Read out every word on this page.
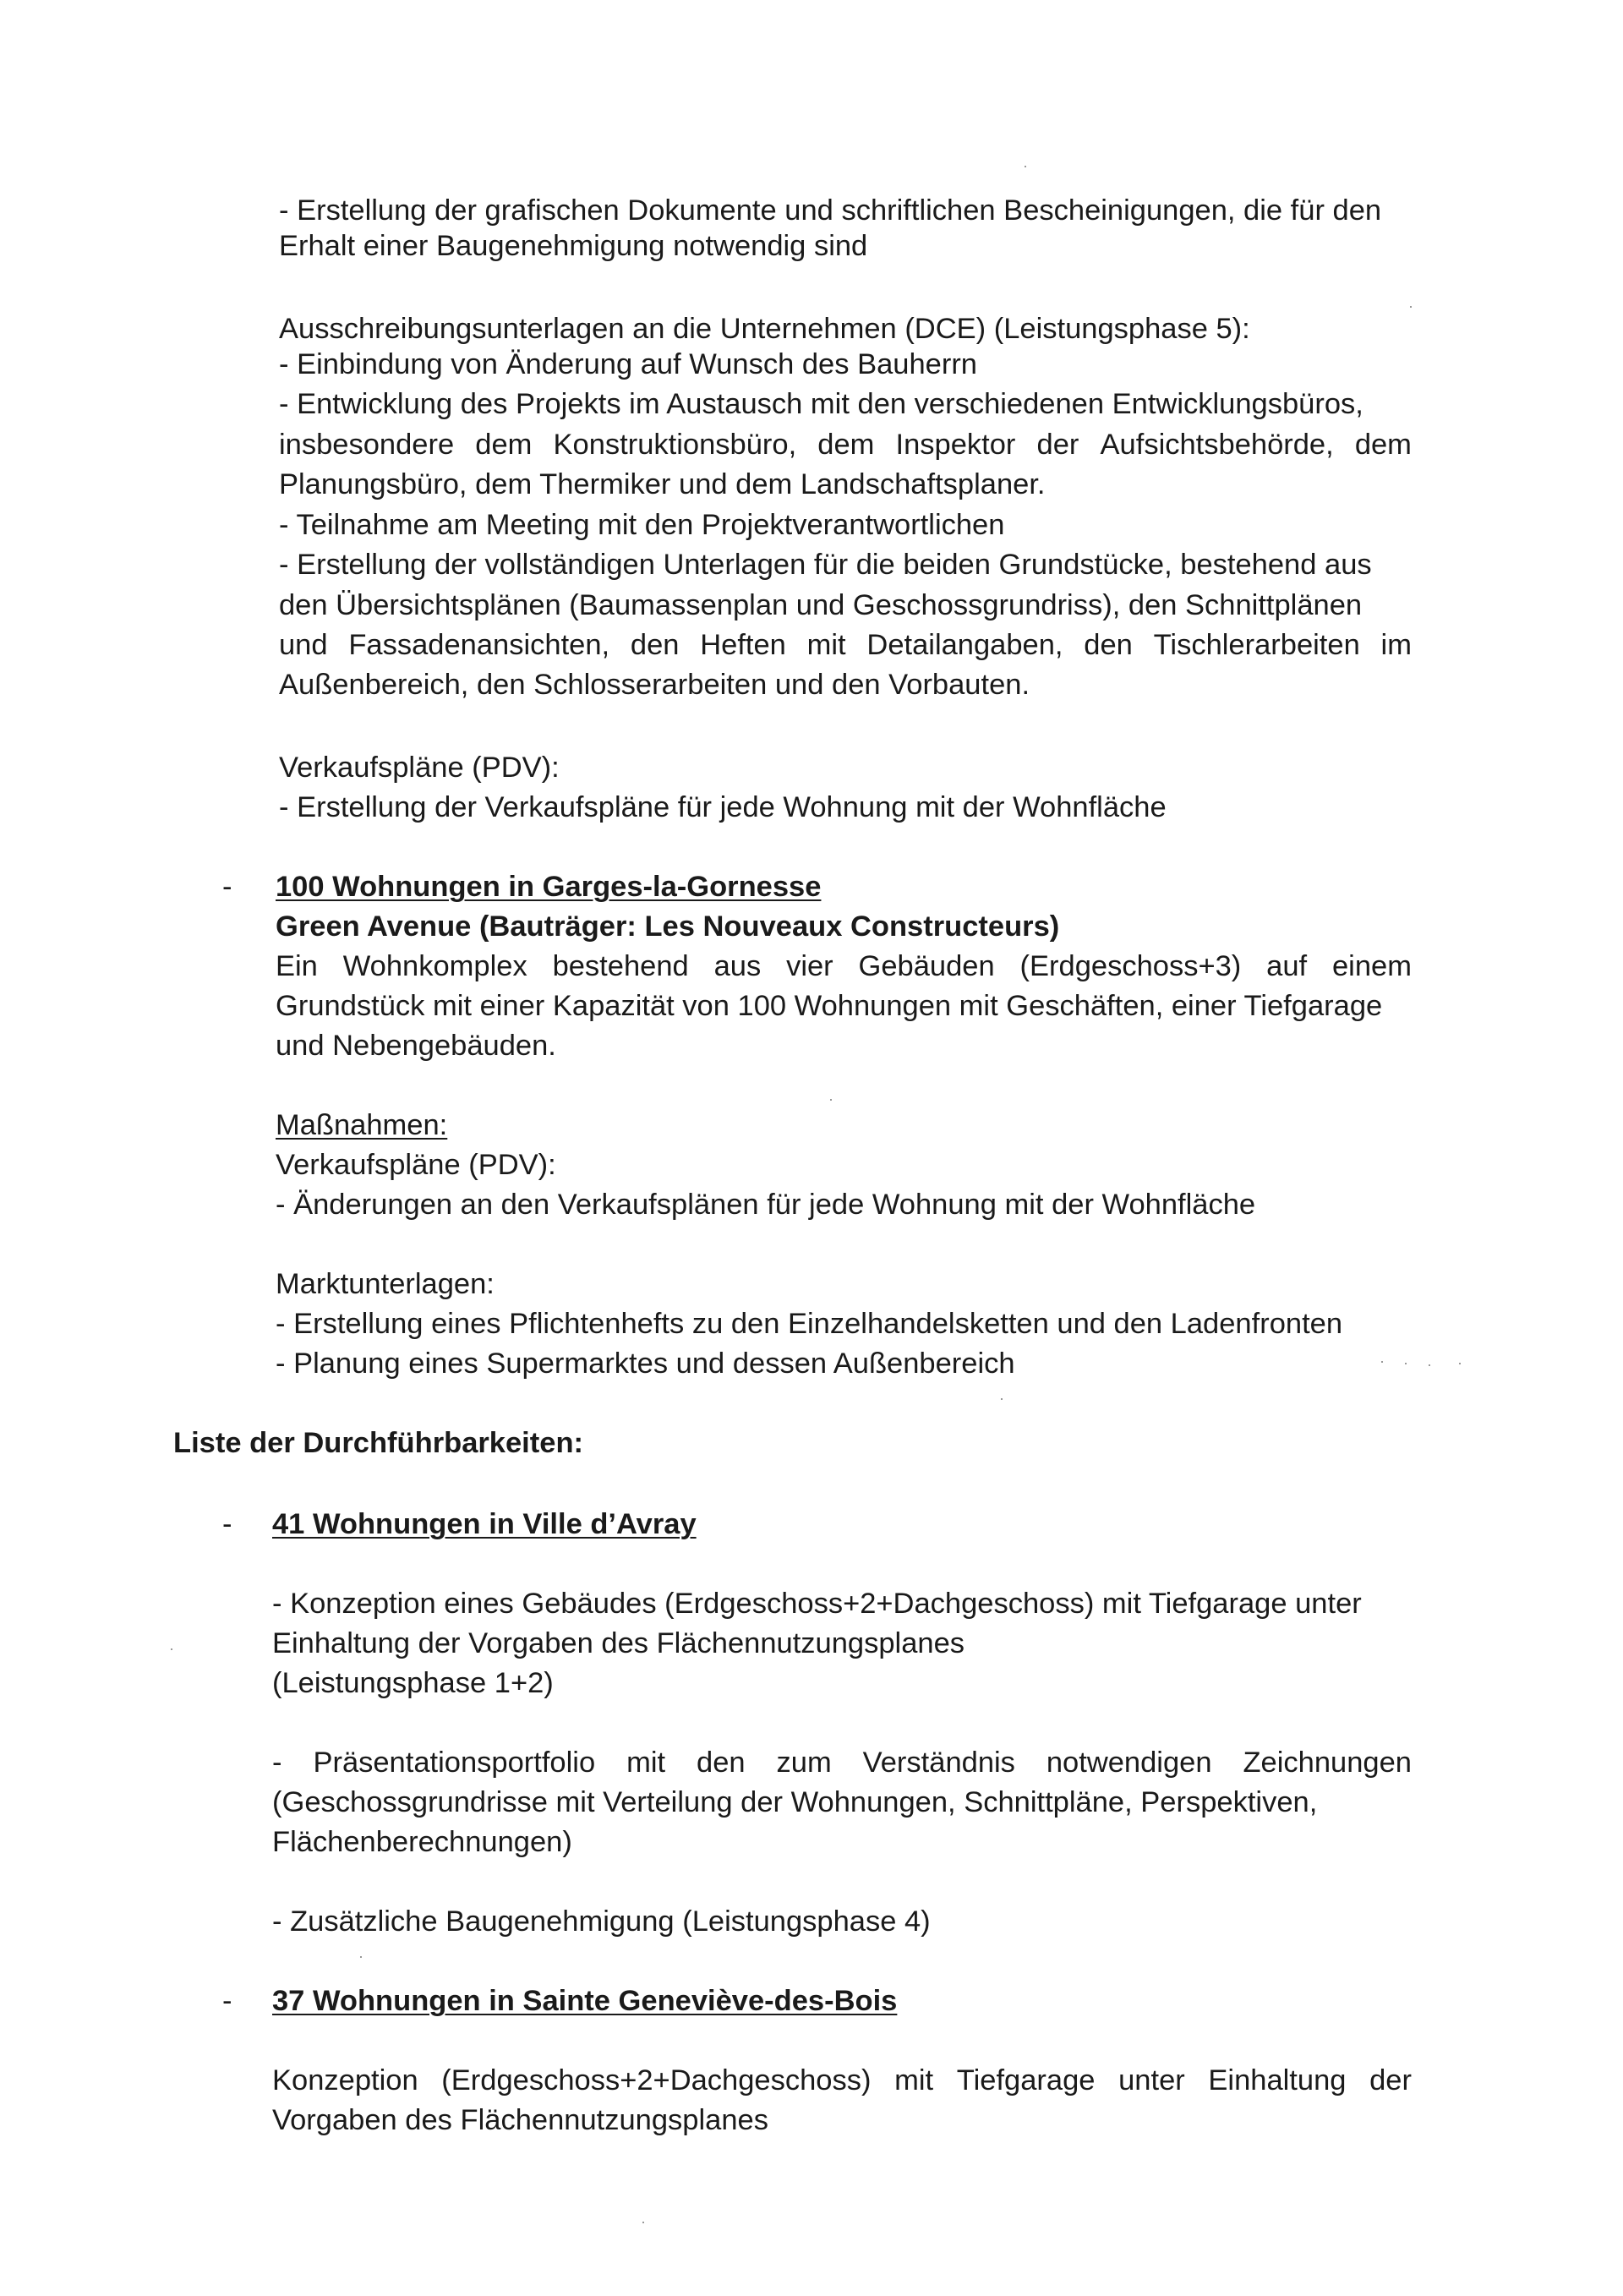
- Erstellung der grafischen Dokumente und schriftlichen Bescheinigungen, die für den
Erhalt einer Baugenehmigung notwendig sind
Ausschreibungsunterlagen an die Unternehmen (DCE) (Leistungsphase 5):
- Einbindung von Änderung auf Wunsch des Bauherrn
- Entwicklung des Projekts im Austausch mit den verschiedenen Entwicklungsbüros,
insbesondere dem Konstruktionsbüro, dem Inspektor der Aufsichtsbehörde, dem
Planungsbüro, dem Thermiker und dem Landschaftsplaner.
- Teilnahme am Meeting mit den Projektverantwortlichen
- Erstellung der vollständigen Unterlagen für die beiden Grundstücke, bestehend aus
den Übersichtsplänen (Baumassenplan und Geschossgrundriss), den Schnittplänen
und Fassadenansichten, den Heften mit Detailangaben, den Tischlerarbeiten im
Außenbereich, den Schlosserarbeiten und den Vorbauten.
Verkaufspläne (PDV):
- Erstellung der Verkaufspläne für jede Wohnung mit der Wohnfläche
- 100 Wohnungen in Garges-la-Gornesse
Green Avenue (Bauträger: Les Nouveaux Constructeurs)
Ein Wohnkomplex bestehend aus vier Gebäuden (Erdgeschoss+3) auf einem
Grundstück mit einer Kapazität von 100 Wohnungen mit Geschäften, einer Tiefgarage
und Nebengebäuden.
Maßnahmen:
Verkaufspläne (PDV):
- Änderungen an den Verkaufsplänen für jede Wohnung mit der Wohnfläche
Marktunterlagen:
- Erstellung eines Pflichtenhefts zu den Einzelhandelsketten und den Ladenfronten
- Planung eines Supermarktes und dessen Außenbereich
Liste der Durchführbarkeiten:
- 41 Wohnungen in Ville d’Avray
- Konzeption eines Gebäudes (Erdgeschoss+2+Dachgeschoss) mit Tiefgarage unter
Einhaltung der Vorgaben des Flächennutzungsplanes
(Leistungsphase 1+2)
- Präsentationsportfolio mit den zum Verständnis notwendigen Zeichnungen
(Geschossgrundrisse mit Verteilung der Wohnungen, Schnittpläne, Perspektiven,
Flächenberechnungen)
- Zusätzliche Baugenehmigung (Leistungsphase 4)
- 37 Wohnungen in Sainte Geneviève-des-Bois
Konzeption (Erdgeschoss+2+Dachgeschoss) mit Tiefgarage unter Einhaltung der
Vorgaben des Flächennutzungsplanes
